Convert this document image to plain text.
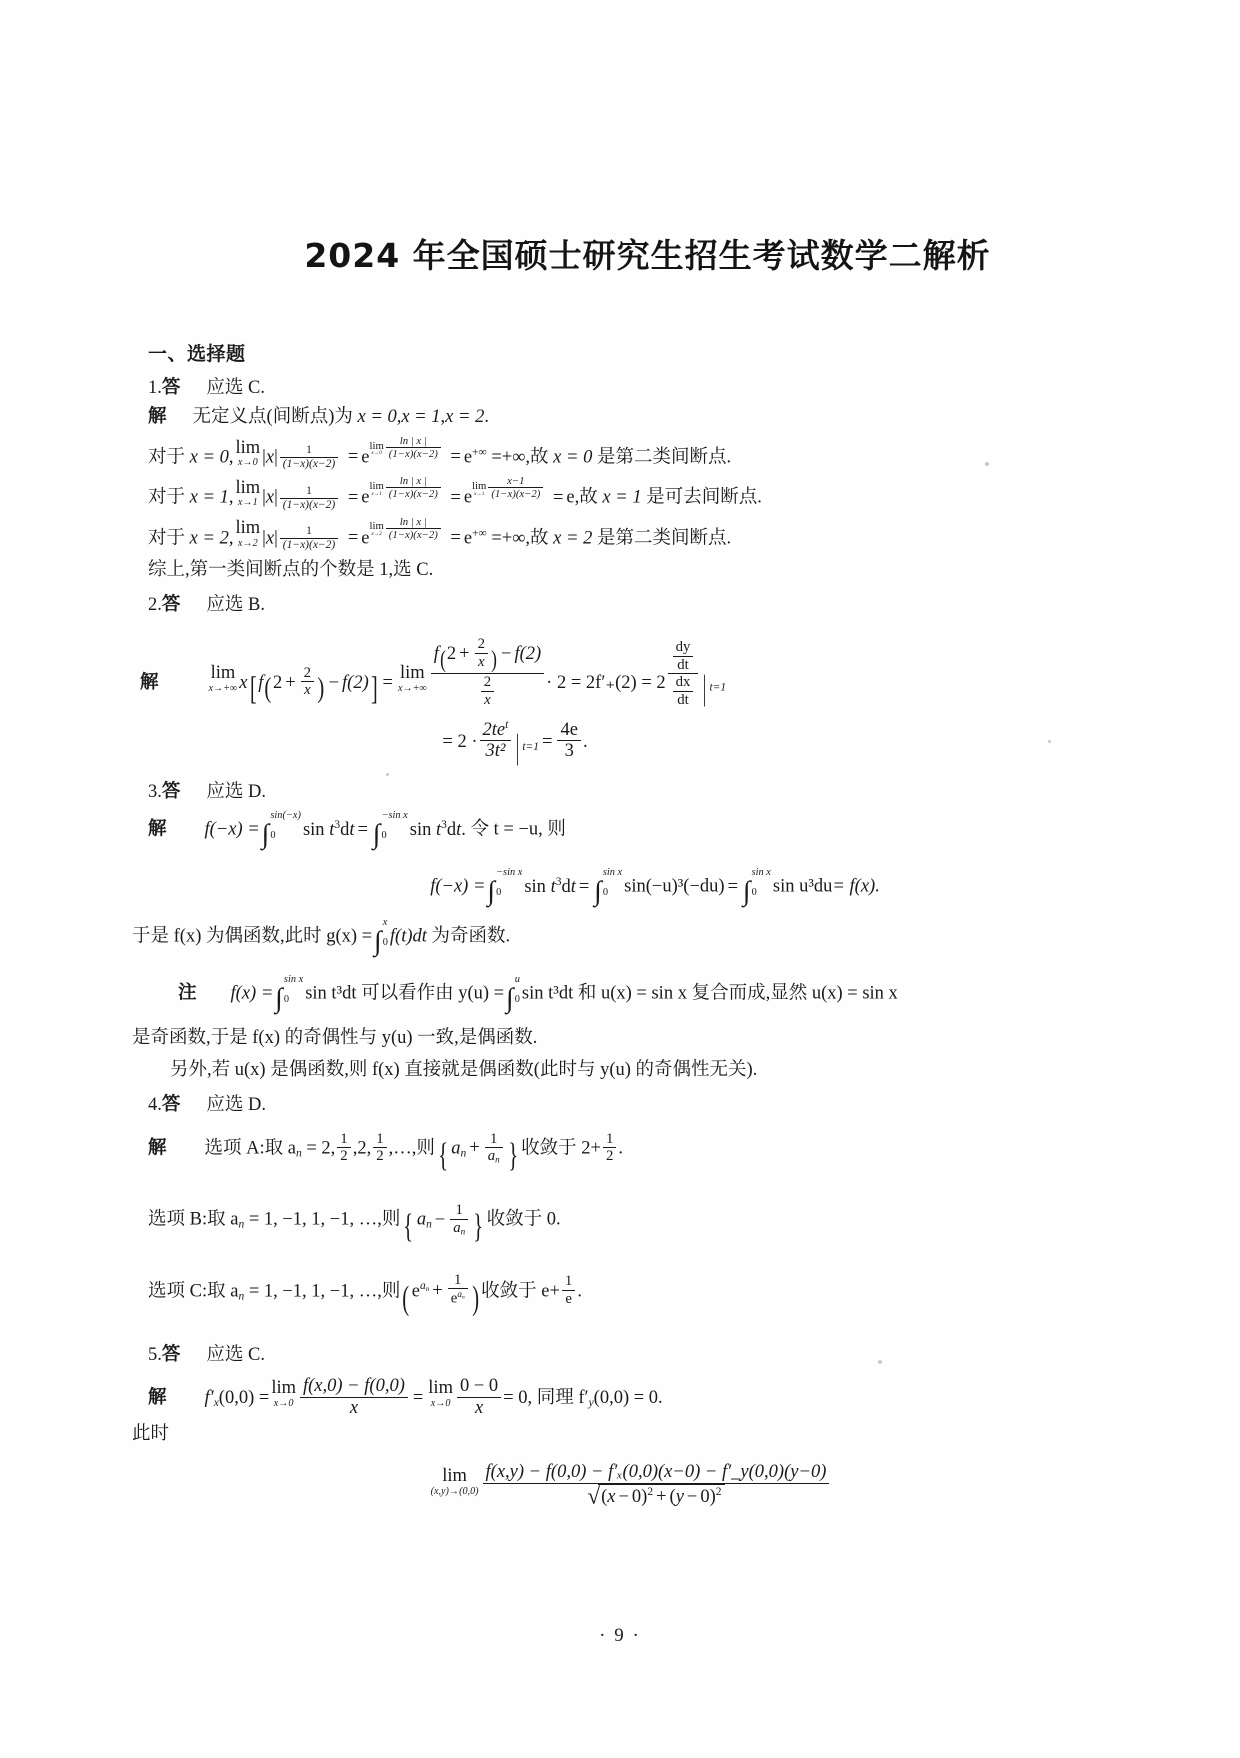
2024 年全国硕士研究生招生考试数学二解析
一、选择题
1.答 应选 C.
解 无定义点(间断点)为 x = 0,x = 1,x = 2.
对于 x = 0, lim
x→0 $|x| \frac{1}{(1-x)(x-2)} = e$
lim
$x\to 0 \frac{\ln | x |}{(1-x)(x-2)} = e^{+\infty}$ =+∞,故 x = 0 是第二类间断点.
对于 x = 1, lim
x→1 $|x| \frac{1}{(1-x)(x-2)} = e$
lim
$x\to 1 \frac{\ln | x |}{(1-x)(x-2)} = e$
lim
$x\to 1 \frac{x-1}{(1-x)(x-2)} = e$,故 x = 1 是可去间断点.
对于 x = 2, lim
x→2 $|x| \frac{1}{(1-x)(x-2)} = e$
lim
$x\to 2 \frac{\ln | x |}{(1-x)(x-2)} = e^{+\infty}$ =+∞,故 x = 2 是第二类间断点.
综上,第一类间断点的个数是 1,选 C.
2.答 应选 B.
解	lim
x→+∞ x[ $f(2 + \frac{2}{x}$ ) − f(2)] = lim
$x\to+\infty \frac{f(2 + \frac{2}{x} ) - f(2)}{\frac{2}{x}} \cdot 2 = 2f'_+(2) = 2 \frac{\frac{dy}{dt}}{\frac{dx}{dt}}$ | $_{t=1}$
= $2 \cdot \frac{2te^t}{\text{3t²}}$ | $_{t=1} = \frac{4e}{3}$ .
3.答 应选 D.
解 f(−x) =∫
sin(−x)
0	$\sin t^3dt$ = ∫
−sin x
0	$\sin t^3dt$. 令 t = −u, 则
f(−x) =∫
−sin x
0	$\sin t^3dt$ = ∫
sin x
0 sin(−u)³(−du) = ∫
sin x
0 sin u³du= f(x).
于是 f(x) 为偶函数,此时 g(x) =∫
x
0 f(t)dt 为奇函数.
注 f(x) =∫
sin x
0 sin t³dt 可以看作由 y(u) =∫
u
0 sin t³dt 和 u(x) = sin x 复合而成,显然 u(x) = sin x
是奇函数,于是 f(x) 的奇偶性与 y(u) 一致,是偶函数.
另外,若 u(x) 是偶函数,则 f(x) 直接就是偶函数(此时与 y(u) 的奇偶性无关).
4.答 应选 D.
解 选项 A:取 $a_n = 2$, $\frac{1}{2} ,2$, $\frac{1}{2}$ ,…,则{ $a_n + \frac{1}{a_n}$ } 收敛于 $2+ \frac{1}{2}$ .
选项 B:取 $a_n = 1$, −1, 1, −1, …,则{ $a_n - \frac{1}{a_n}$ } 收敛于 0.
选项 C:取 $a_n = 1$, −1, 1, −1, …,则( $e^{a_n} + \frac{1}{e^{a_n}}$ ) 收敛于 $e+ \frac{1}{e}$ .
5.答 应选 C.
解 $f'_x(0,0) = \lim$
$x\to 0 \frac{f(x,0) - f(0,0)}{x} = \lim$
$x\to 0 \frac{0 - 0}{x} = 0$, 同理 $f'_y(0,0) = 0$.
此时
lim
$(x,y)\to(0,0) \frac{\text{f(x,y) − f(0,0) − f′ₓ(0,0)(x−0) − f′\_y(0,0)(y−0)}}{√(x - 0)^2 + (y - 0)^2}$
· 9 ·
